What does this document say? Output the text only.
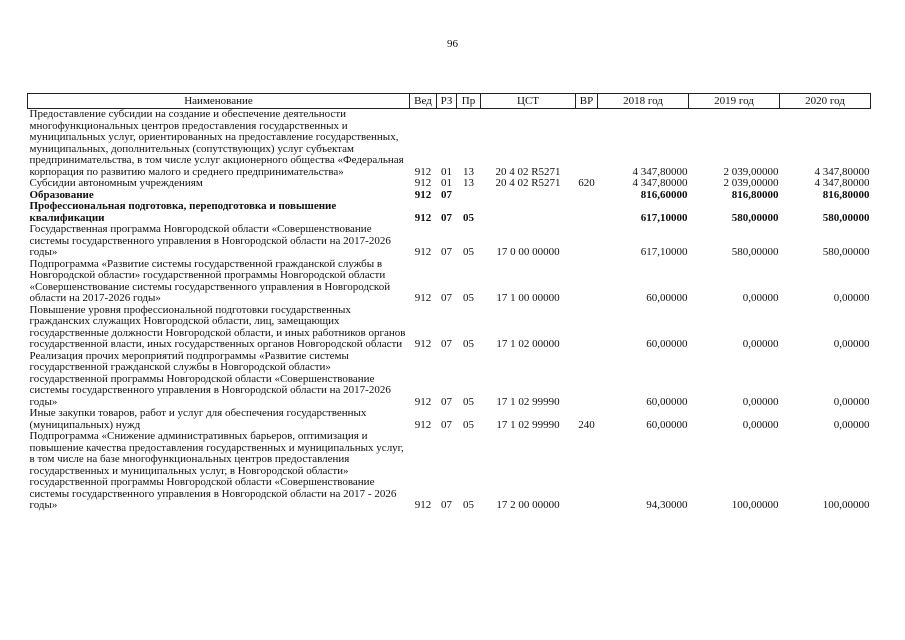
96
Наименование	Вед	РЗ	Пр	ЦСТ	ВР	2018 год	2019 год	2020 год
Предоставление субсидии на создание и обеспечение деятельности многофункциональных центров предоставления государственных и муниципальных услуг, ориентированных на предоставление государственных, муниципальных, дополнительных (сопутствующих) услуг субъектам предпринимательства, в том числе услуг акционерного общества «Федеральная корпорация по развитию малого и среднего предпринимательства»	912	01	13	20 4 02 R5271		4 347,80000	2 039,00000	4 347,80000
Субсидии автономным учреждениям	912	01	13	20 4 02 R5271	620	4 347,80000	2 039,00000	4 347,80000
Образование	912	07				816,60000	816,80000	816,80000
Профессиональная подготовка, переподготовка и повышение квалификации	912	07	05			617,10000	580,00000	580,00000
Государственная программа Новгородской области «Совершенствование системы государственного управления в Новгородской области на 2017-2026 годы»	912	07	05	17 0 00 00000		617,10000	580,00000	580,00000
Подпрограмма «Развитие системы государственной гражданской службы в Новгородской области» государственной программы Новгородской области «Совершенствование системы государственного управления в Новгородской области на 2017-2026 годы»	912	07	05	17 1 00 00000		60,00000	0,00000	0,00000
Повышение уровня профессиональной подготовки государственных гражданских служащих Новгородской области, лиц, замещающих государственные должности Новгородской области, и иных работников органов государственной власти, иных государственных органов Новгородской области	912	07	05	17 1 02 00000		60,00000	0,00000	0,00000
Реализация прочих мероприятий подпрограммы «Развитие системы государственной гражданской службы в Новгородской области» государственной программы Новгородской области «Совершенствование системы государственного управления в Новгородской области на 2017-2026 годы»	912	07	05	17 1 02 99990		60,00000	0,00000	0,00000
Иные закупки товаров, работ и услуг для обеспечения государственных (муниципальных) нужд	912	07	05	17 1 02 99990	240	60,00000	0,00000	0,00000
Подпрограмма «Снижение административных барьеров, оптимизация и повышение качества предоставления государственных и муниципальных услуг, в том числе на базе многофункциональных центров предоставления государственных и муниципальных услуг, в Новгородской области» государственной программы Новгородской области «Совершенствование системы государственного управления в Новгородской области на 2017 - 2026 годы»	912	07	05	17 2 00 00000		94,30000	100,00000	100,00000
